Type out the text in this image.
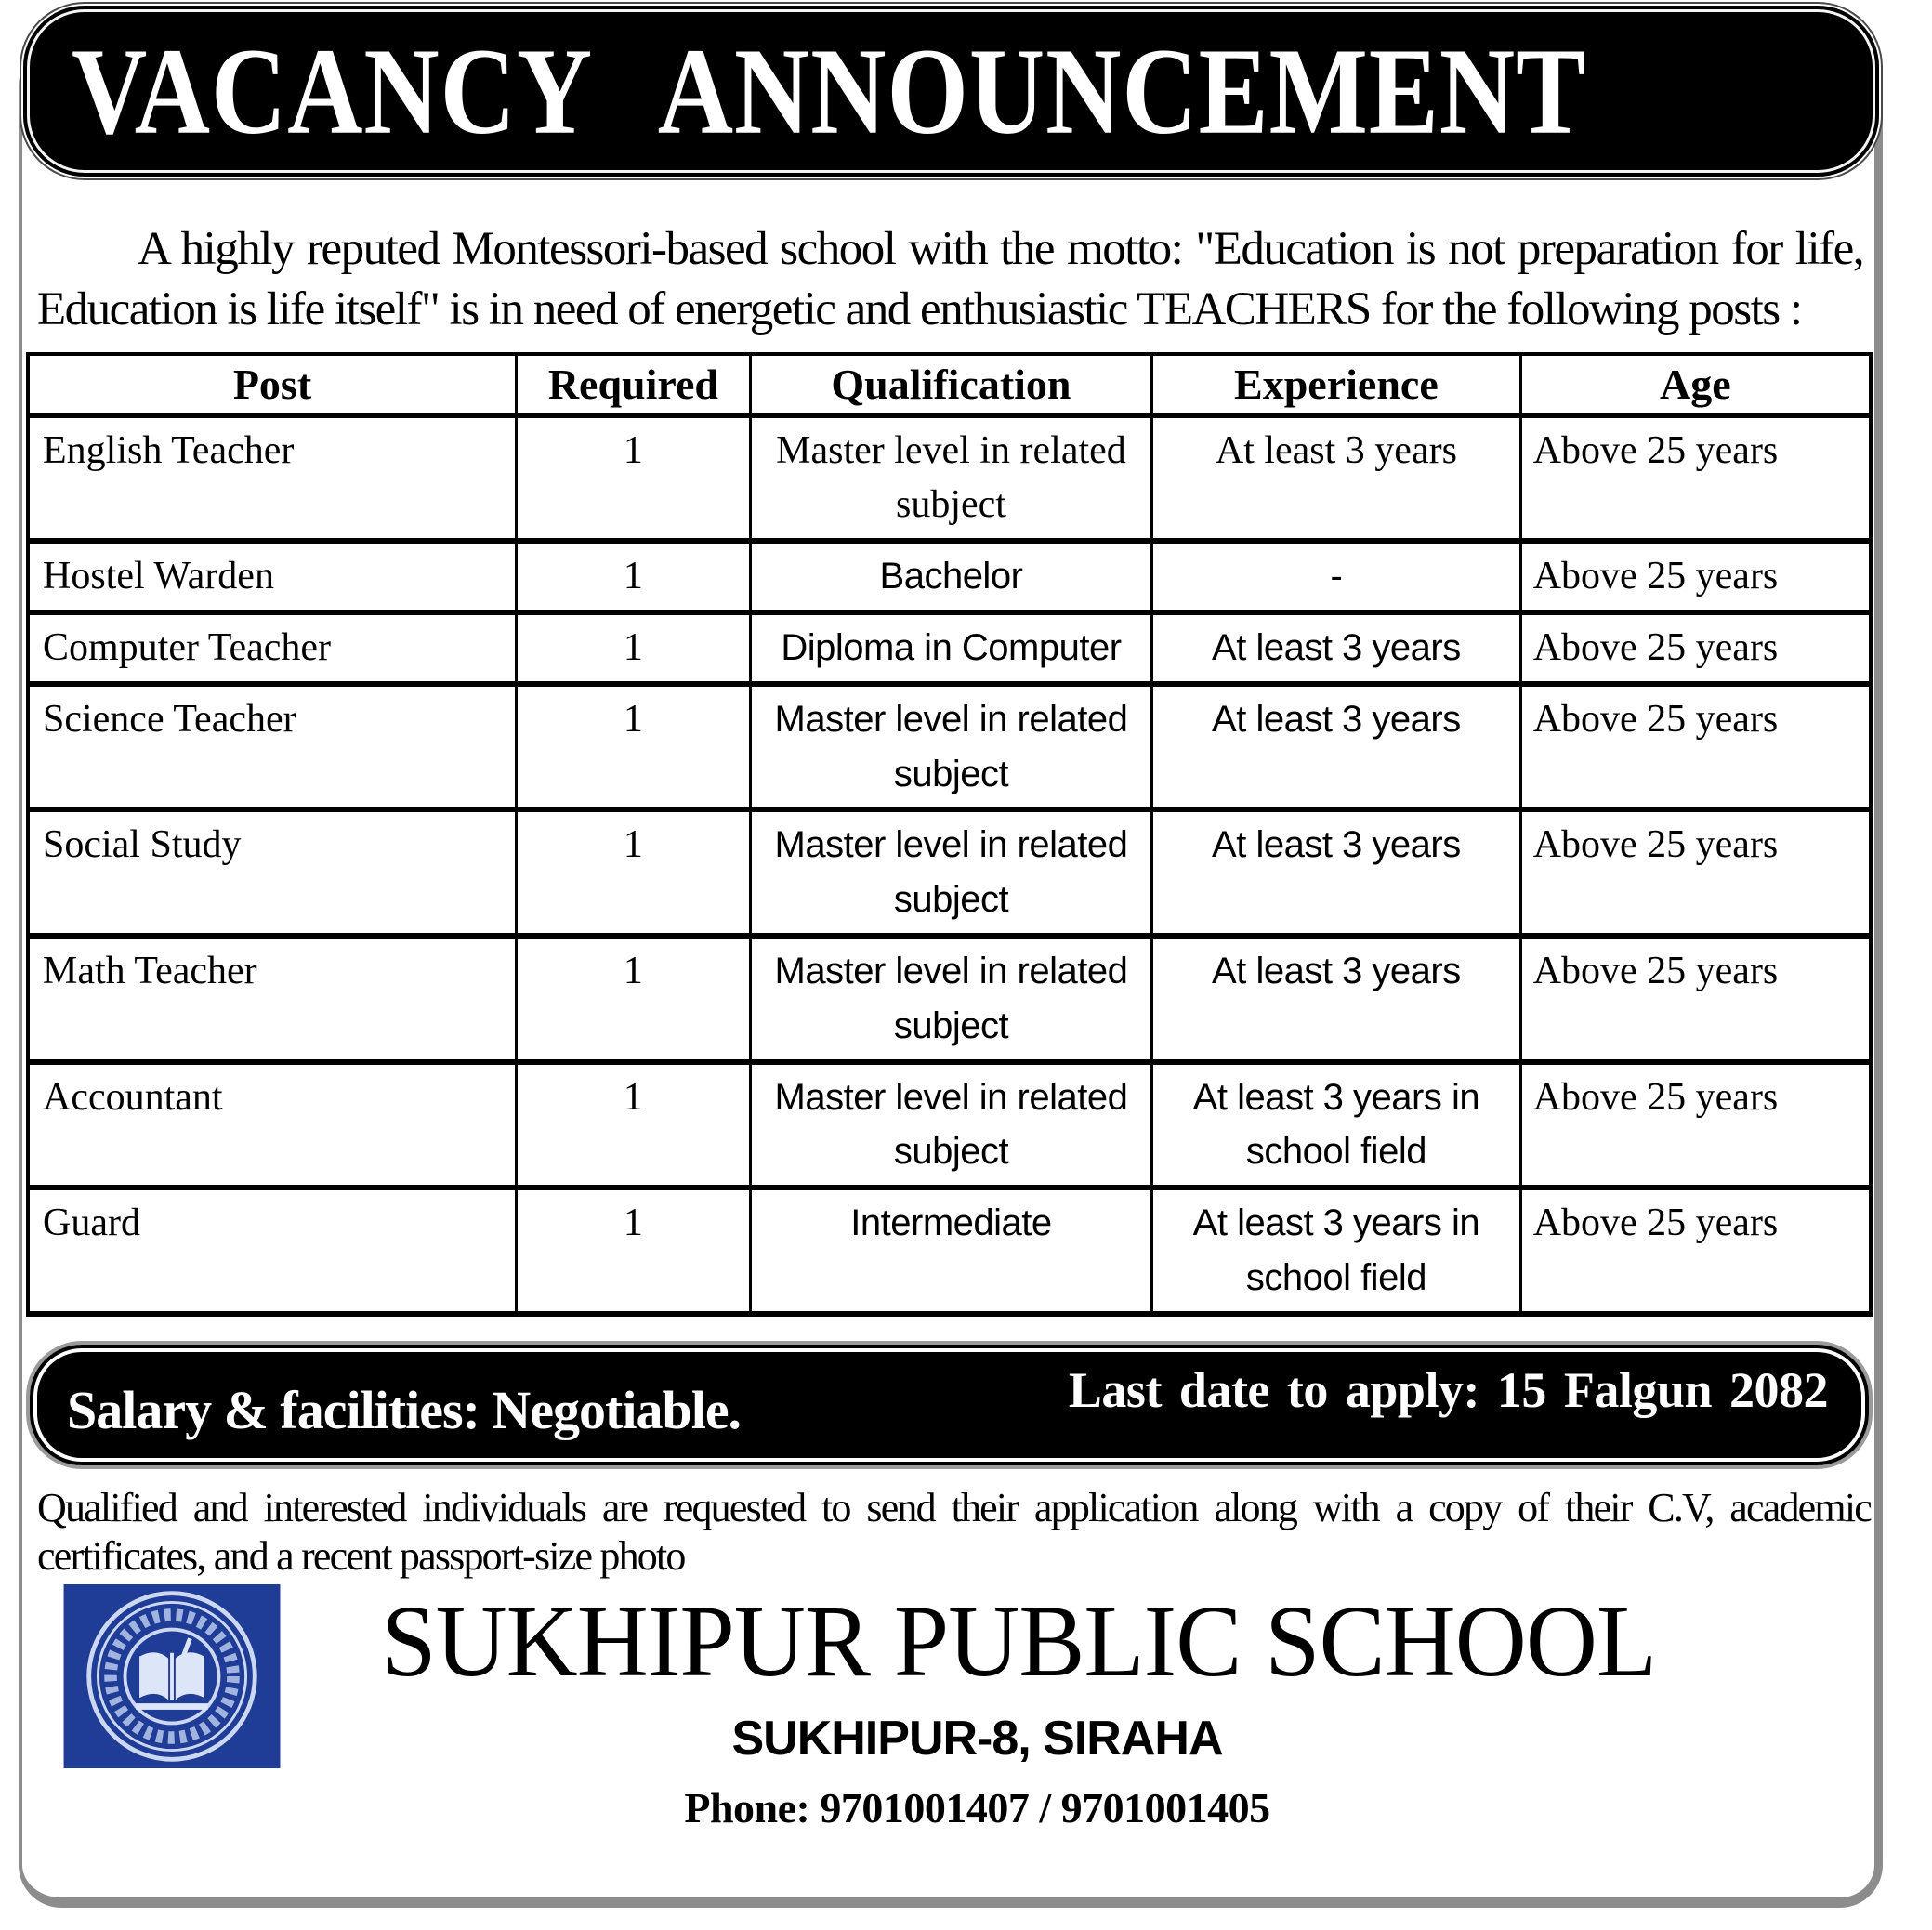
VACANCY ANNOUNCEMENT

A highly reputed Montessori-based school with the motto: "Education is not preparation for life, Education is life itself" is in need of energetic and enthusiastic TEACHERS for the following posts :

Post	Required	Qualification	Experience	Age
English Teacher	1	Master level in related subject	At least 3 years	Above 25 years
Hostel Warden	1	Bachelor	-	Above 25 years
Computer Teacher	1	Diploma in Computer	At least 3 years	Above 25 years
Science Teacher	1	Master level in related subject	At least 3 years	Above 25 years
Social Study	1	Master level in related subject	At least 3 years	Above 25 years
Math Teacher	1	Master level in related subject	At least 3 years	Above 25 years
Accountant	1	Master level in related subject	At least 3 years in school field	Above 25 years
Guard	1	Intermediate	At least 3 years in school field	Above 25 years
Salary & facilities: Negotiable.	Last date to apply: 15 Falgun 2082

Qualified and interested individuals are requested to send their application along with a copy of their C.V, academic certificates, and a recent passport-size photo

SUKHIPUR PUBLIC SCHOOL
SUKHIPUR-8, SIRAHA
Phone: 9701001407 / 9701001405
